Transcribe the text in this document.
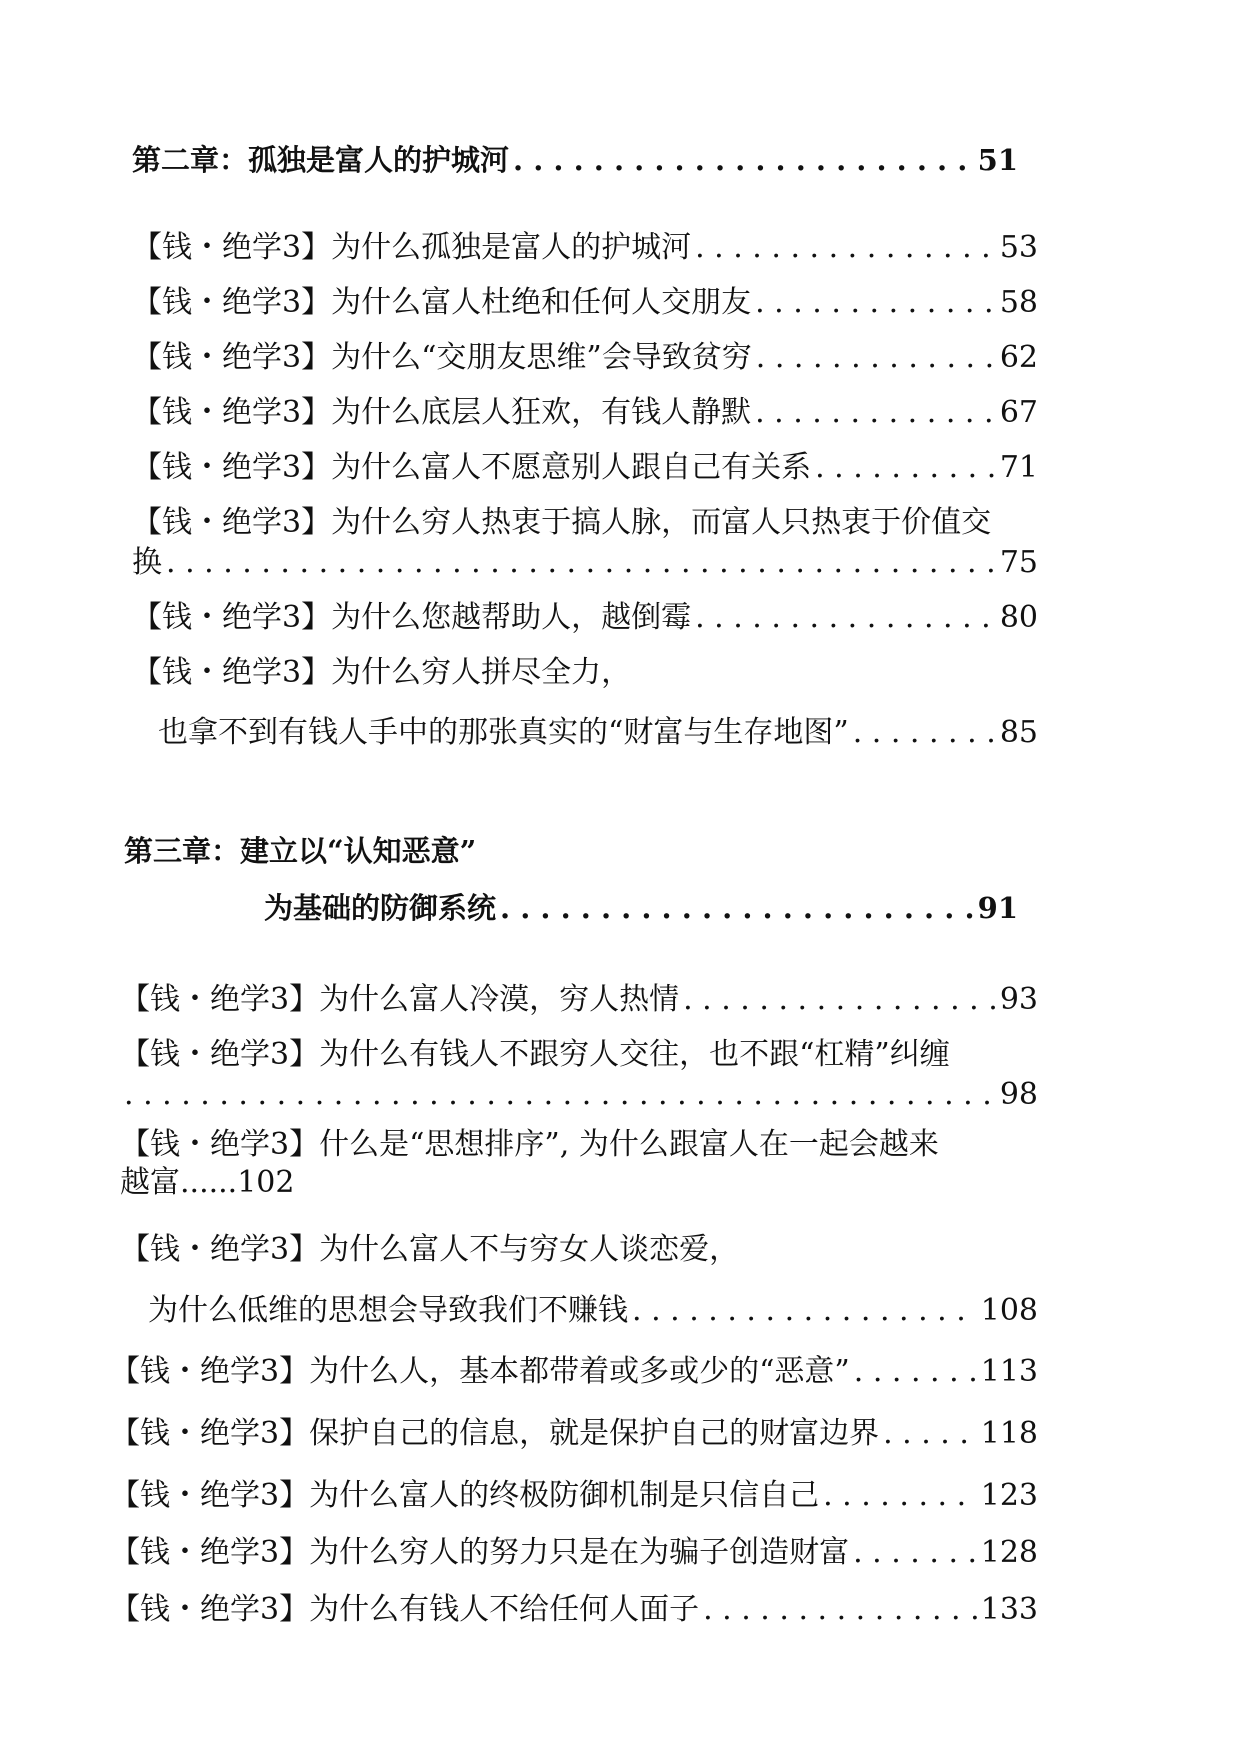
第二章：孤独是富人的护城河 . . .	51
【钱・绝学3】为什么孤独是富人的护城河 . . .	53
【钱・绝学3】为什么富人杜绝和任何人交朋友 . . .	58
【钱・绝学3】为什么“交朋友思维”会导致贫穷 . . .	62
【钱・绝学3】为什么底层人狂欢，有钱人静默 . . .	67
【钱・绝学3】为什么富人不愿意别人跟自己有关系 . . .	71
【钱・绝学3】为什么穷人热衷于搞人脉，而富人只热衷于价值交
换 . . .	75
【钱・绝学3】为什么您越帮助人，越倒霉 . . .	80
【钱・绝学3】为什么穷人拼尽全力，
也拿不到有钱人手中的那张真实的“财富与生存地图” . . .	85
第三章：建立以“认知恶意”
为基础的防御系统 . . .	91
【钱・绝学3】为什么富人冷漠，穷人热情 . . .	93
【钱・绝学3】为什么有钱人不跟穷人交往，也不跟“杠精”纠缠
. . .
98
【钱・绝学3】什么是“思想排序”, 为什么跟富人在一起会越来
越富......102
【钱・绝学3】为什么富人不与穷女人谈恋爱，
为什么低维的思想会导致我们不赚钱 . . .	108
【钱・绝学3】为什么人，基本都带着或多或少的“恶意” . . .	113
【钱・绝学3】保护自己的信息，就是保护自己的财富边界 . . .	118
【钱・绝学3】为什么富人的终极防御机制是只信自己 . . .	123
【钱・绝学3】为什么穷人的努力只是在为骗子创造财富 . . .	128
【钱・绝学3】为什么有钱人不给任何人面子 . . .	133
